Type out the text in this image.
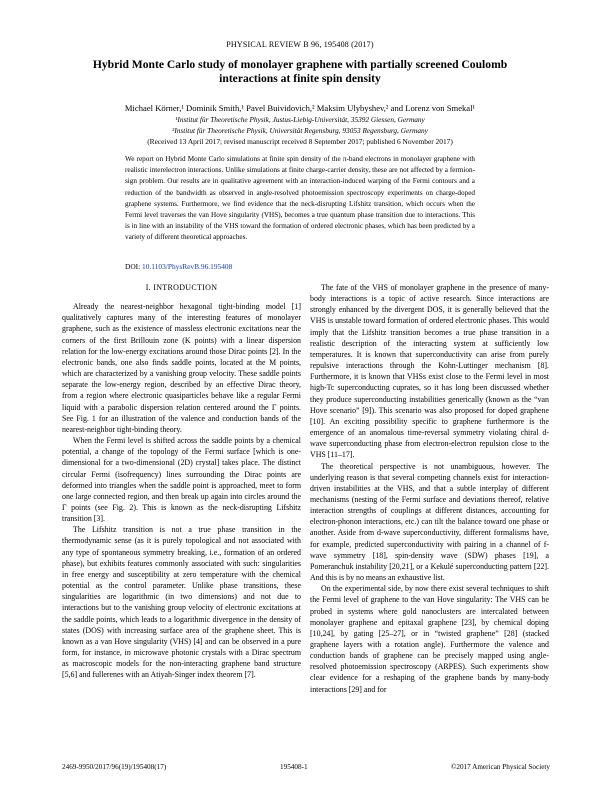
PHYSICAL REVIEW B 96, 195408 (2017)
Hybrid Monte Carlo study of monolayer graphene with partially screened Coulomb interactions at finite spin density
Michael Körner,¹ Dominik Smith,¹ Pavel Buividovich,² Maksim Ulybyshev,² and Lorenz von Smekal¹
¹Institut für Theoretische Physik, Justus-Liebig-Universität, 35392 Giessen, Germany
²Institut für Theoretische Physik, Universität Regensburg, 93053 Regensburg, Germany
(Received 13 April 2017; revised manuscript received 8 September 2017; published 6 November 2017)
We report on Hybrid Monte Carlo simulations at finite spin density of the π-band electrons in monolayer graphene with realistic interelectron interactions. Unlike simulations at finite charge-carrier density, these are not affected by a fermion-sign problem. Our results are in qualitative agreement with an interaction-induced warping of the Fermi contours and a reduction of the bandwidth as observed in angle-resolved photoemission spectroscopy experiments on charge-doped graphene systems. Furthermore, we find evidence that the neck-disrupting Lifshitz transition, which occurs when the Fermi level traverses the van Hove singularity (VHS), becomes a true quantum phase transition due to interactions. This is in line with an instability of the VHS toward the formation of ordered electronic phases, which has been predicted by a variety of different theoretical approaches.
DOI: 10.1103/PhysRevB.96.195408
I. INTRODUCTION

Already the nearest-neighbor hexagonal tight-binding model [1] qualitatively captures many of the interesting features of monolayer graphene, such as the existence of massless electronic excitations near the corners of the first Brillouin zone (K points) with a linear dispersion relation for the low-energy excitations around those Dirac points [2]. In the electronic bands, one also finds saddle points, located at the M points, which are characterized by a vanishing group velocity. These saddle points separate the low-energy region, described by an effective Dirac theory, from a region where electronic quasiparticles behave like a regular Fermi liquid with a parabolic dispersion relation centered around the Γ points. See Fig. 1 for an illustration of the valence and conduction bands of the nearest-neighbor tight-binding theory.

When the Fermi level is shifted across the saddle points by a chemical potential, a change of the topology of the Fermi surface [which is one-dimensional for a two-dimensional (2D) crystal] takes place. The distinct circular Fermi (isofrequency) lines surrounding the Dirac points are deformed into triangles when the saddle point is approached, meet to form one large connected region, and then break up again into circles around the Γ points (see Fig. 2). This is known as the neck-disrupting Lifshitz transition [3].

The Lifshitz transition is not a true phase transition in the thermodynamic sense (as it is purely topological and not associated with any type of spontaneous symmetry breaking, i.e., formation of an ordered phase), but exhibits features commonly associated with such: singularities in free energy and susceptibility at zero temperature with the chemical potential as the control parameter. Unlike phase transitions, these singularities are logarithmic (in two dimensions) and not due to interactions but to the vanishing group velocity of electronic excitations at the saddle points, which leads to a logarithmic divergence in the density of states (DOS) with increasing surface area of the graphene sheet. This is known as a van Hove singularity (VHS) [4] and can be observed in a pure form, for instance, in microwave photonic crystals with a Dirac spectrum as macroscopic models for the non-interacting graphene band structure [5,6] and fullerenes with an Atiyah-Singer index theorem [7].

The fate of the VHS of monolayer graphene in the presence of many-body interactions is a topic of active research. Since interactions are strongly enhanced by the divergent DOS, it is generally believed that the VHS is unstable toward formation of ordered electronic phases. This would imply that the Lifshitz transition becomes a true phase transition in a realistic description of the interacting system at sufficiently low temperatures. It is known that superconductivity can arise from purely repulsive interactions through the Kohn-Luttinger mechanism [8]. Furthermore, it is known that VHSs exist close to the Fermi level in most high-Tc superconducting cuprates, so it has long been discussed whether they produce superconducting instabilities generically (known as the “van Hove scenario” [9]). This scenario was also proposed for doped graphene [10]. An exciting possibility specific to graphene furthermore is the emergence of an anomalous time-reversal symmetry violating chiral d-wave superconducting phase from electron-electron repulsion close to the VHS [11–17].

The theoretical perspective is not unambiguous, however. The underlying reason is that several competing channels exist for interaction-driven instabilities at the VHS, and that a subtle interplay of different mechanisms (nesting of the Fermi surface and deviations thereof, relative interaction strengths of couplings at different distances, accounting for electron-phonon interactions, etc.) can tilt the balance toward one phase or another. Aside from d-wave superconductivity, different formalisms have, for example, predicted superconductivity with pairing in a channel of f-wave symmetry [18], spin-density wave (SDW) phases [19], a Pomeranchuk instability [20,21], or a Kekulé superconducting pattern [22]. And this is by no means an exhaustive list.

On the experimental side, by now there exist several techniques to shift the Fermi level of graphene to the van Hove singularity: The VHS can be probed in systems where gold nanoclusters are intercalated between monolayer graphene and epitaxal graphene [23], by chemical doping [10,24], by gating [25–27], or in “twisted graphene” [28] (stacked graphene layers with a rotation angle). Furthermore the valence and conduction bands of graphene can be precisely mapped using angle-resolved photoemission spectroscopy (ARPES). Such experiments show clear evidence for a reshaping of the graphene bands by many-body interactions [29] and for

2469-9950/2017/96(19)/195408(17)	195408-1	©2017 American Physical Society
